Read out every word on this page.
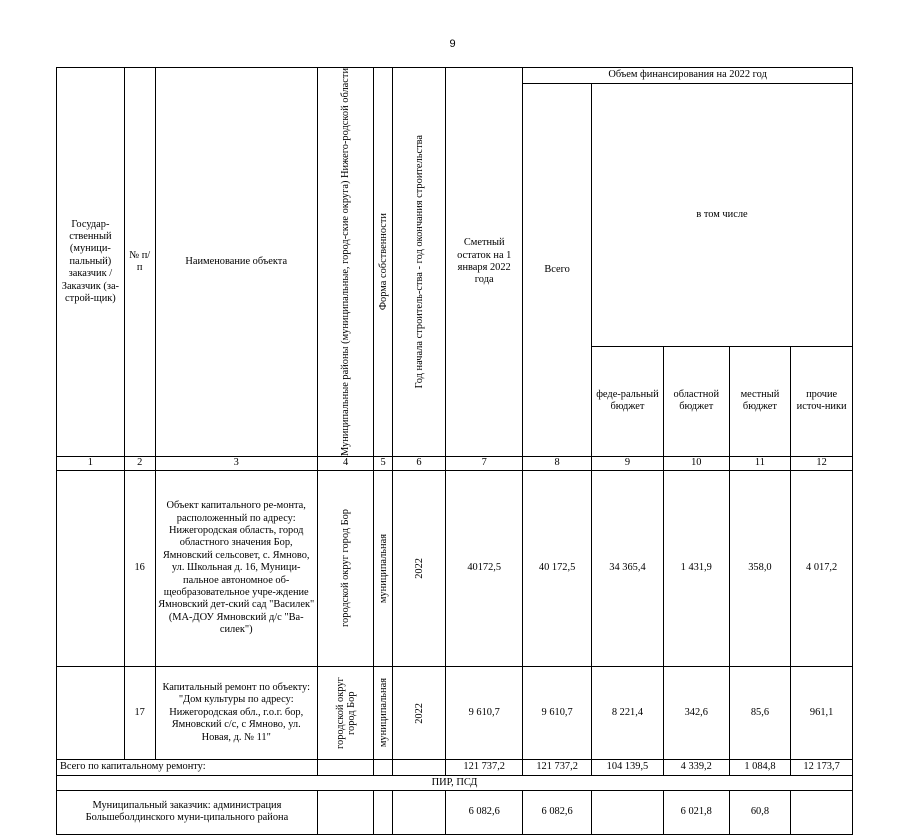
9
Государ-ственный (муници-пальный) заказчик / Заказчик (за-строй-щик)	№ п/п	Наименование объекта	Муниципальные районы (муниципальные, город-ские округа) Нижего-родской области	Форма собственности	Год начала строитель-ства - год окончания строительства	Сметный остаток на 1 января 2022 года	Объем финансирования на 2022 год				
							Всего	в том числе			
								феде-ральный бюджет	областной бюджет	местный бюджет	прочие источ-ники
1	2	3	4	5	6	7	8	9	10	11	12
	16	Объект капитального ре-монта, расположенный по адресу: Нижегородская область, город областного значения Бор, Ямновский сельсовет, с. Ямново, ул. Школьная д. 16, Муници-пальное автономное об-щеобразовательное учре-ждение Ямновский дет-ский сад "Василек" (МА-ДОУ Ямновский д/с "Ва-силек")	городской округ город Бор	муниципальная	2022	40172,5	40 172,5	34 365,4	1 431,9	358,0	4 017,2
	17	Капитальный ремонт по объекту: "Дом культуры по адресу: Нижегородская обл., г.о.г. бор, Ямновский с/с, с Ямново, ул. Новая, д. № 11"	городской округ город Бор	муниципальная	2022	9 610,7	9 610,7	8 221,4	342,6	85,6	961,1
Всего по капитальному ремонту:						121 737,2	121 737,2	104 139,5	4 339,2	1 084,8	12 173,7
ПИР, ПСД											
Муниципальный заказчик: администрация Большеболдинского муни-ципального района						6 082,6	6 082,6		6 021,8	60,8	
